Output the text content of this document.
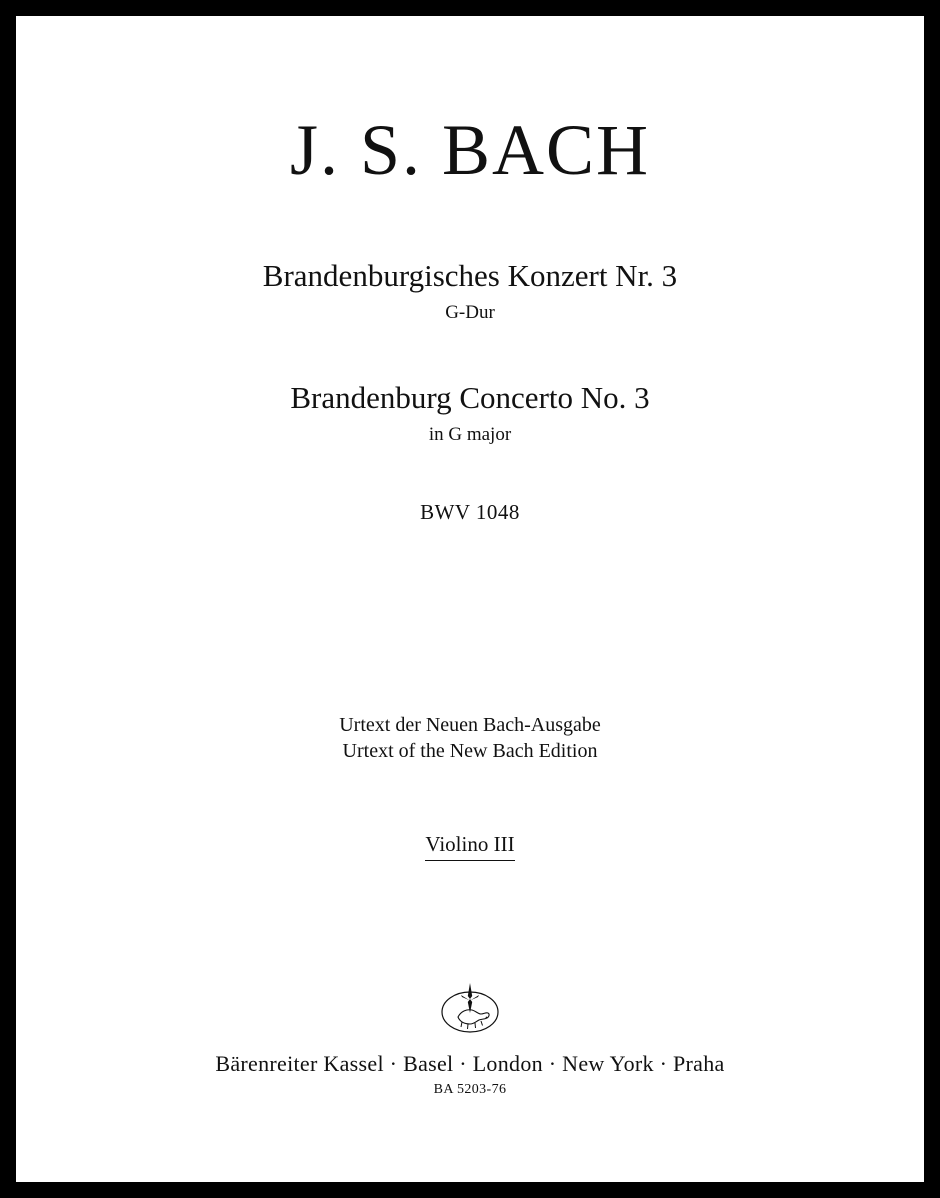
J. S. BACH
Brandenburgisches Konzert Nr. 3
G-Dur
Brandenburg Concerto No. 3
in G major
BWV 1048
Urtext der Neuen Bach-Ausgabe
Urtext of the New Bach Edition
Violino III
Bärenreiter Kassel · Basel · London · New York · Praha
BA 5203-76
